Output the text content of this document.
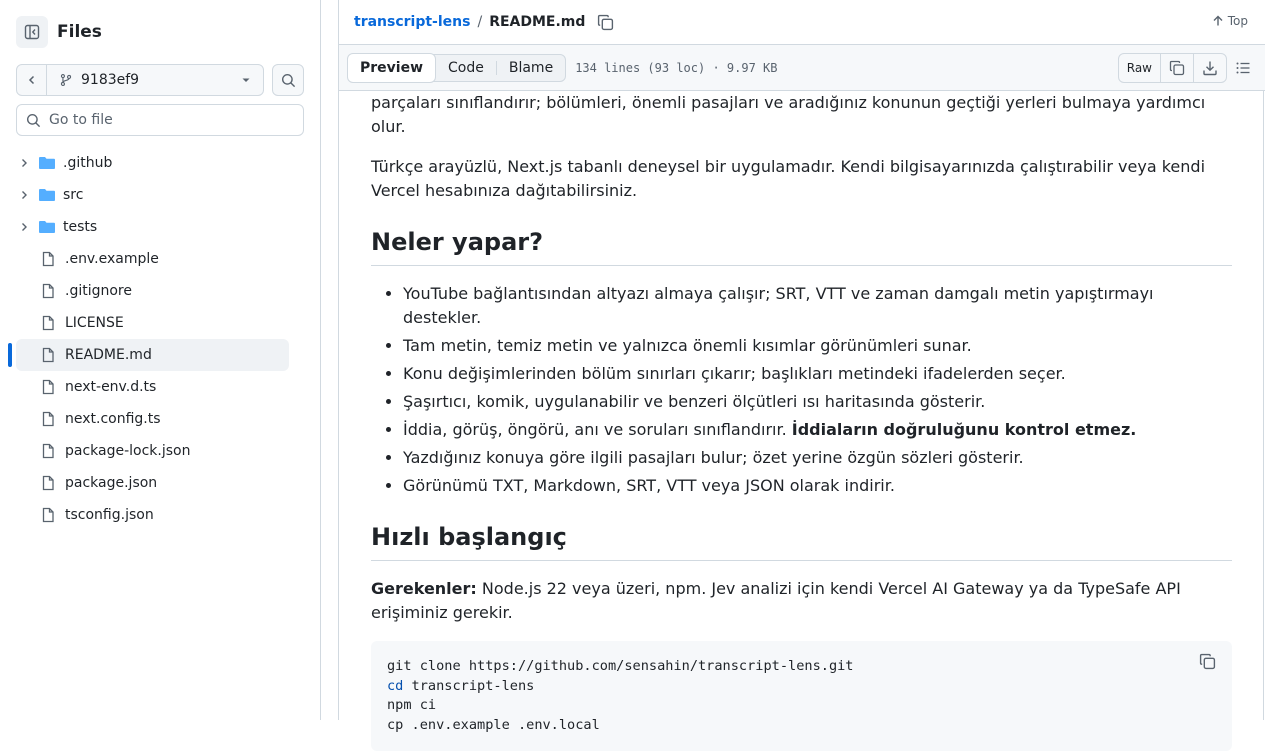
Files
9183ef9
Go to file
.github
src
tests
.env.example
.gitignore
LICENSE
README.md
next-env.d.ts
next.config.ts
package-lock.json
package.json
tsconfig.json
transcript-lens / README.md	Top
Preview	Code	Blame	134 lines (93 loc) · 9.97 KB	Raw

parçaları sınıflandırır; bölümleri, önemli pasajları ve aradığınız konunun geçtiği yerleri bulmaya yardımcı olur.

Türkçe arayüzlü, Next.js tabanlı deneysel bir uygulamadır. Kendi bilgisayarınızda çalıştırabilir veya kendi Vercel hesabınıza dağıtabilirsiniz.

Neler yapar?
• YouTube bağlantısından altyazı almaya çalışır; SRT, VTT ve zaman damgalı metin yapıştırmayı destekler.
• Tam metin, temiz metin ve yalnızca önemli kısımlar görünümleri sunar.
• Konu değişimlerinden bölüm sınırları çıkarır; başlıkları metindeki ifadelerden seçer.
• Şaşırtıcı, komik, uygulanabilir ve benzeri ölçütleri ısı haritasında gösterir.
• İddia, görüş, öngörü, anı ve soruları sınıflandırır. İddiaların doğruluğunu kontrol etmez.
• Yazdığınız konuya göre ilgili pasajları bulur; özet yerine özgün sözleri gösterir.
• Görünümü TXT, Markdown, SRT, VTT veya JSON olarak indirir.
Hızlı başlangıç

Gerekenler: Node.js 22 veya üzeri, npm. Jev analizi için kendi Vercel AI Gateway ya da TypeSafe API erişiminiz gerekir.

git clone https://github.com/sensahin/transcript-lens.git
cd transcript-lens
npm ci
cp .env.example .env.local
